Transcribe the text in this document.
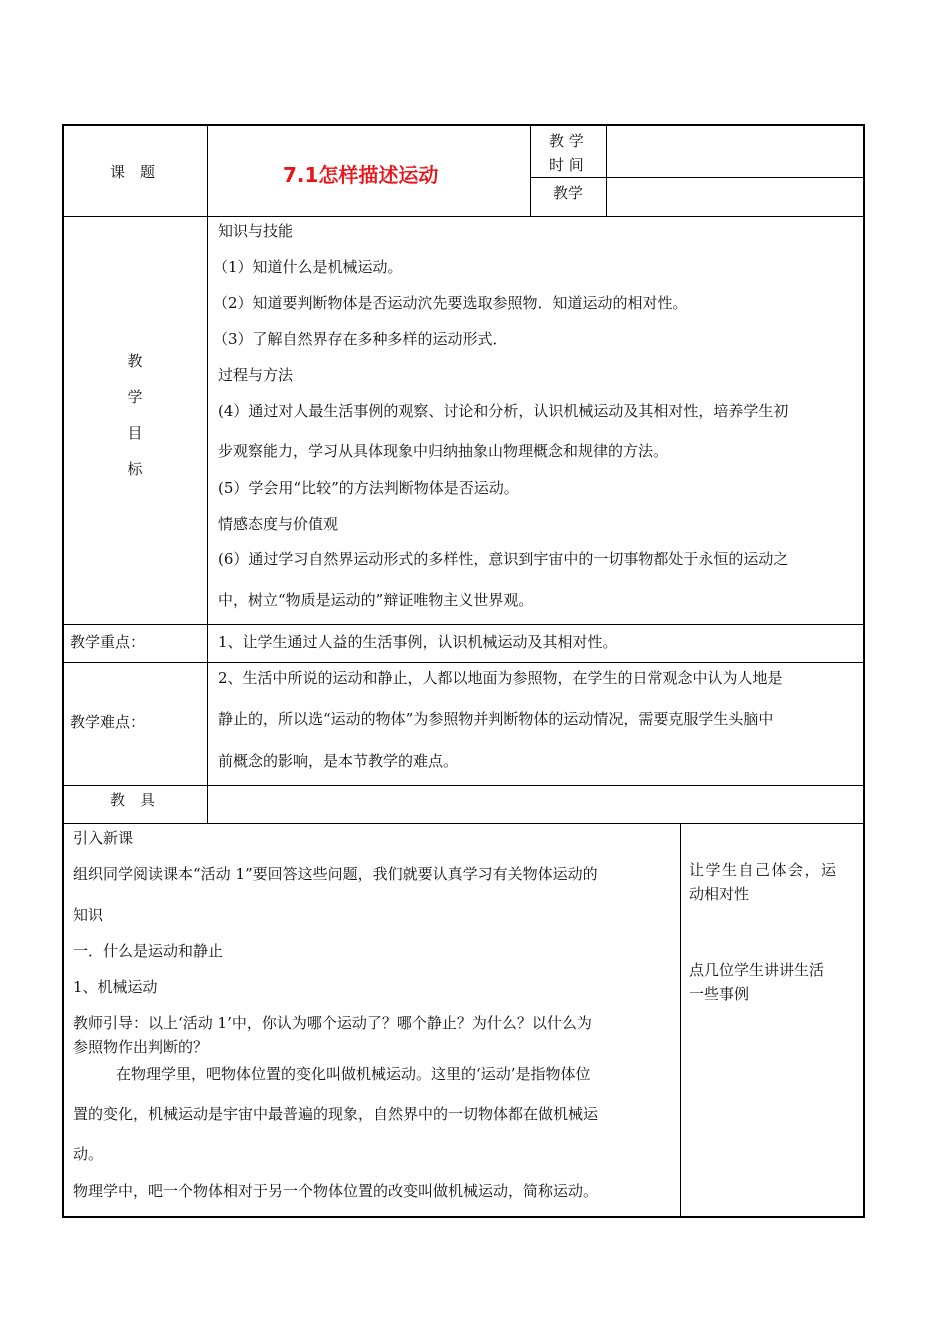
课　题	7.1怎样描述运动
教 学
时 间
教学
教
学
目
标
知识与技能
（1）知道什么是机械运动。
（2）知道要判断物体是否运动泬先要选取参照物．知道运动的相对性。
（3）了解自然界存在多种多样的运动形式．
过程与方法
(4）通过对人最生活事例的观察、讨论和分析，认识机械运动及其相对性，培养学生初
步观察能力，学习从具体现象中归纳抽象山物理概念和规律的方法。
(5）学会用“比较”的方法判断物体是否运动。
情感态度与价值观
(6）通过学习自然界运动形式的多样性，意识到宇宙中的一切事物都处于永恒的运动之
中，树立“物质是运动的”辩证唯物主义世界观。
教学重点：	1、让学生通过人益的生活事例，认识机械运动及其相对性。
教学难点：
2、生活中所说的运动和静止，人都以地面为参照物，在学生的日常观念中认为人地是
静止的，所以选“运动的物体”为参照物并判断物体的运动情况，需要克服学生头脑中
前概念的影响，是本节教学的难点。
教　具
引入新课
组织同学阅读课本“活动 1”要回答这些问题，我们就要认真学习有关物体运动的
知识
一．什么是运动和静止
1、机械运动
教师引导：以上‘活动 1’中，你认为哪个运动了？哪个静止？为什么？以什么为
参照物作出判断的？
在物理学里，吧物体位置的变化叫做机械运动。这里的‘运动’是指物体位
置的变化，机械运动是宇宙中最普遍的现象，自然界中的一切物体都在做机械运
动。
物理学中，吧一个物体相对于另一个物体位置的改变叫做机械运动，简称运动。
让学生自己体会，运
动相对性
点几位学生讲讲生活
一些事例
